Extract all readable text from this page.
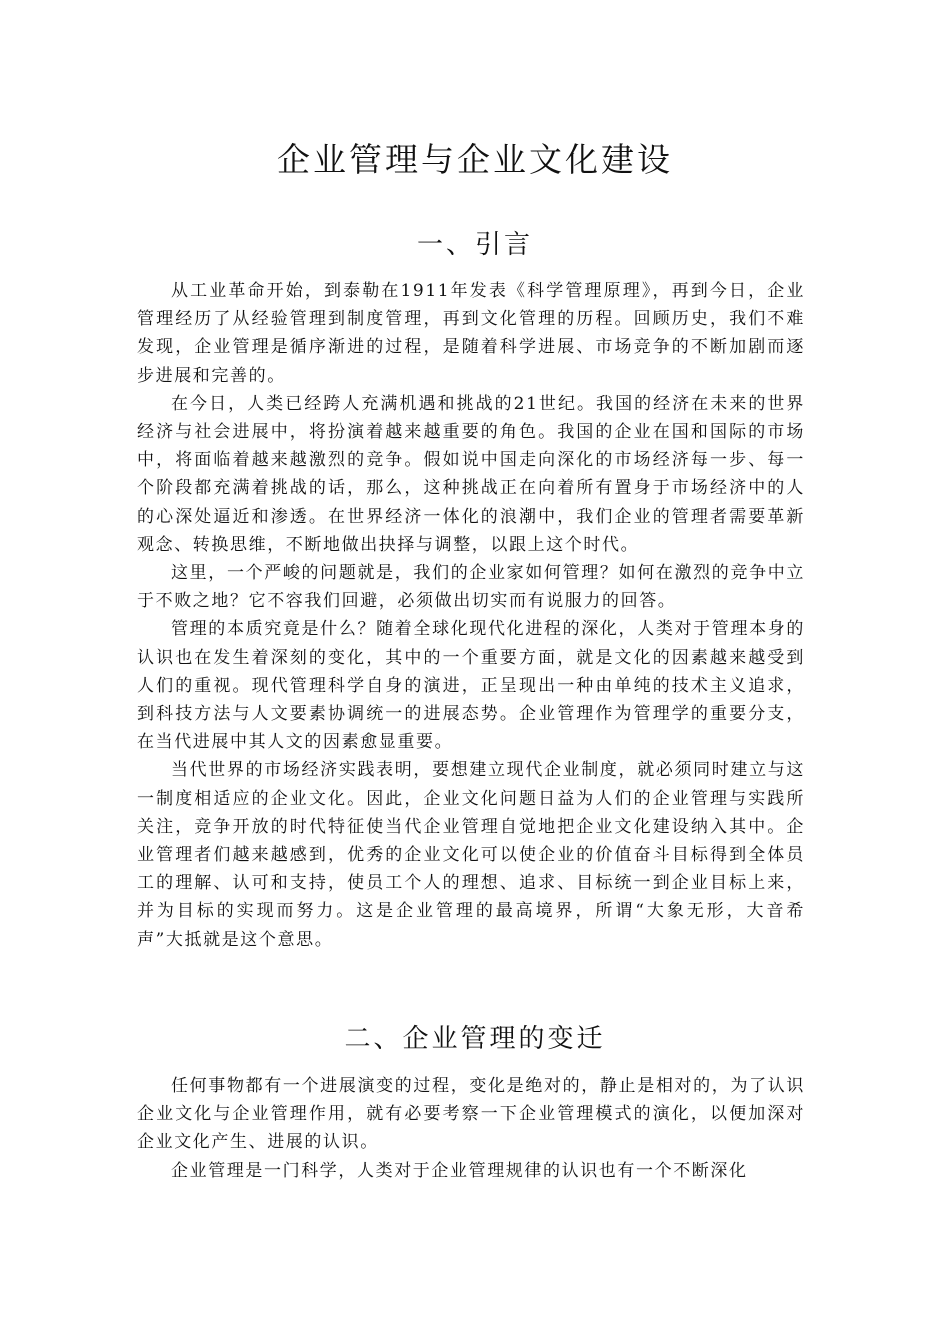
企业管理与企业文化建设
一、引言

从工业革命开始，到泰勒在1911年发表《科学管理原理》，再到今日，企业管理经历了从经验管理到制度管理，再到文化管理的历程。回顾历史，我们不难发现，企业管理是循序渐进的过程，是随着科学进展、市场竞争的不断加剧而逐步进展和完善的。

在今日，人类已经跨人充满机遇和挑战的21世纪。我国的经济在未来的世界经济与社会进展中，将扮演着越来越重要的角色。我国的企业在国和国际的市场中，将面临着越来越激烈的竞争。假如说中国走向深化的市场经济每一步、每一个阶段都充满着挑战的话，那么，这种挑战正在向着所有置身于市场经济中的人的心深处逼近和渗透。在世界经济一体化的浪潮中，我们企业的管理者需要革新观念、转换思维，不断地做出抉择与调整，以跟上这个时代。

这里，一个严峻的问题就是，我们的企业家如何管理？如何在激烈的竞争中立于不败之地？它不容我们回避，必须做出切实而有说服力的回答。

管理的本质究竟是什么？随着全球化现代化进程的深化，人类对于管理本身的认识也在发生着深刻的变化，其中的一个重要方面，就是文化的因素越来越受到人们的重视。现代管理科学自身的演进，正呈现出一种由单纯的技术主义追求，到科技方法与人文要素协调统一的进展态势。企业管理作为管理学的重要分支，在当代进展中其人文的因素愈显重要。

当代世界的市场经济实践表明，要想建立现代企业制度，就必须同时建立与这一制度相适应的企业文化。因此，企业文化问题日益为人们的企业管理与实践所关注，竞争开放的时代特征使当代企业管理自觉地把企业文化建设纳入其中。企业管理者们越来越感到，优秀的企业文化可以使企业的价值奋斗目标得到全体员工的理解、认可和支持，使员工个人的理想、追求、目标统一到企业目标上来，并为目标的实现而努力。这是企业管理的最高境界，所谓“大象无形，大音希声”大抵就是这个意思。

二、企业管理的变迁

任何事物都有一个进展演变的过程，变化是绝对的，静止是相对的，为了认识企业文化与企业管理作用，就有必要考察一下企业管理模式的演化，以便加深对企业文化产生、进展的认识。

企业管理是一门科学，人类对于企业管理规律的认识也有一个不断深化
